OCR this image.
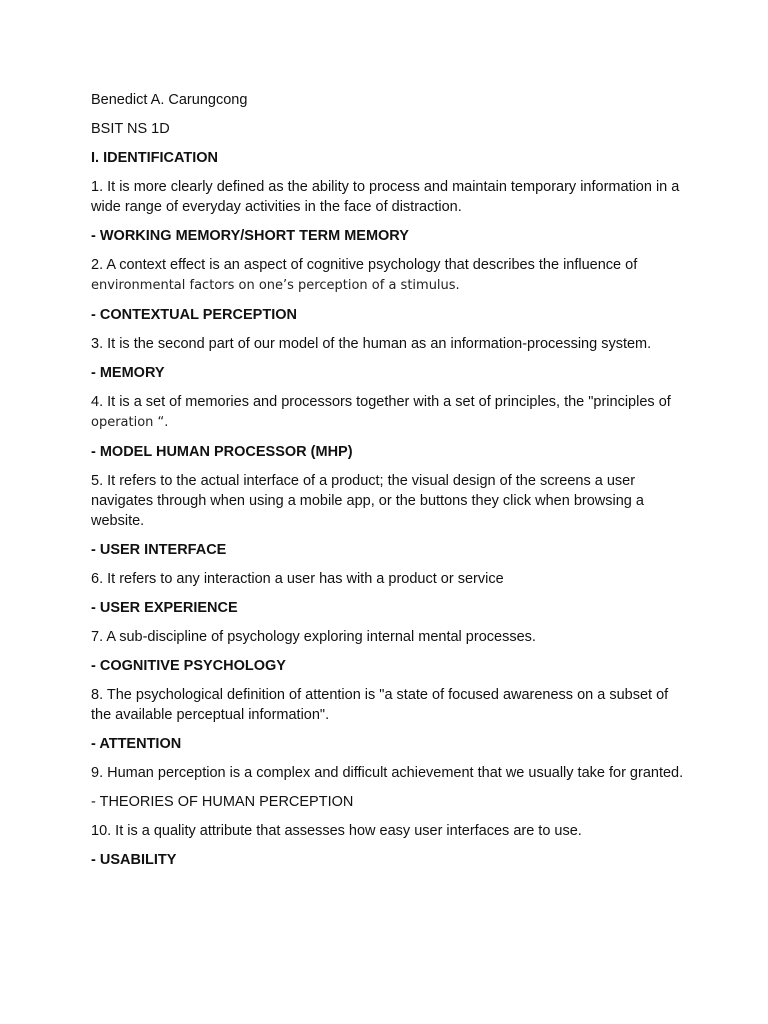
Benedict A. Carungcong

BSIT NS 1D

I. IDENTIFICATION

1. It is more clearly defined as the ability to process and maintain temporary information in a wide range of everyday activities in the face of distraction.

- WORKING MEMORY/SHORT TERM MEMORY

2. A context effect is an aspect of cognitive psychology that describes the influence of
environmental factors on one’s perception of a stimulus.

- CONTEXTUAL PERCEPTION

3. It is the second part of our model of the human as an information-processing system.

- MEMORY

4. It is a set of memories and processors together with a set of principles, the "principles of operation “.

- MODEL HUMAN PROCESSOR (MHP)

5. It refers to the actual interface of a product; the visual design of the screens a user navigates through when using a mobile app, or the buttons they click when browsing a website.

- USER INTERFACE

6. It refers to any interaction a user has with a product or service

- USER EXPERIENCE

7. A sub-discipline of psychology exploring internal mental processes.

- COGNITIVE PSYCHOLOGY

8. The psychological definition of attention is "a state of focused awareness on a subset of the available perceptual information".

- ATTENTION

9. Human perception is a complex and difficult achievement that we usually take for granted.

- THEORIES OF HUMAN PERCEPTION

10. It is a quality attribute that assesses how easy user interfaces are to use.

- USABILITY
